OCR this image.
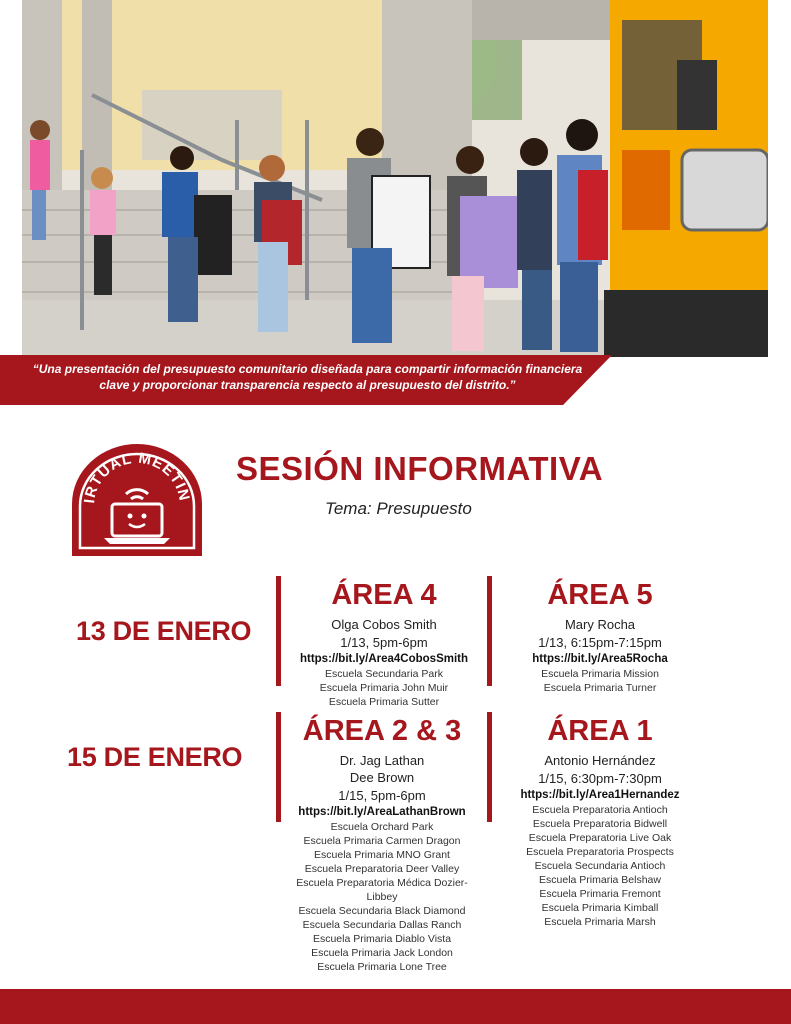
“Una presentación del presupuesto comunitario diseñada para compartir información financiera clave y proporcionar transparencia respecto al presupuesto del distrito.”
IRTUAL MEETIN
SESIÓN INFORMATIVA
Tema: Presupuesto
13 DE ENERO
15 DE ENERO
ÁREA 4
Olga Cobos Smith
1/13, 5pm-6pm
https://bit.ly/Area4CobosSmith
Escuela Secundaria Park
Escuela Primaria John Muir
Escuela Primaria Sutter
ÁREA 5
Mary Rocha
1/13, 6:15pm-7:15pm
https://bit.ly/Area5Rocha
Escuela Primaria Mission
Escuela Primaria Turner
ÁREA 2 & 3
Dr. Jag Lathan
Dee Brown
1/15, 5pm-6pm
https://bit.ly/AreaLathanBrown
Escuela Orchard Park
Escuela Primaria Carmen Dragon
Escuela Primaria MNO Grant
Escuela Preparatoria Deer Valley
Escuela Preparatoria Médica Dozier-Libbey
Escuela Secundaria Black Diamond
Escuela Secundaria Dallas Ranch
Escuela Primaria Diablo Vista
Escuela Primaria Jack London
Escuela Primaria Lone Tree
ÁREA 1
Antonio Hernández
1/15, 6:30pm-7:30pm
https://bit.ly/Area1Hernandez
Escuela Preparatoria Antioch
Escuela Preparatoria Bidwell
Escuela Preparatoria Live Oak
Escuela Preparatoria Prospects
Escuela Secundaria Antioch
Escuela Primaria Belshaw
Escuela Primaria Fremont
Escuela Primaria Kimball
Escuela Primaria Marsh
